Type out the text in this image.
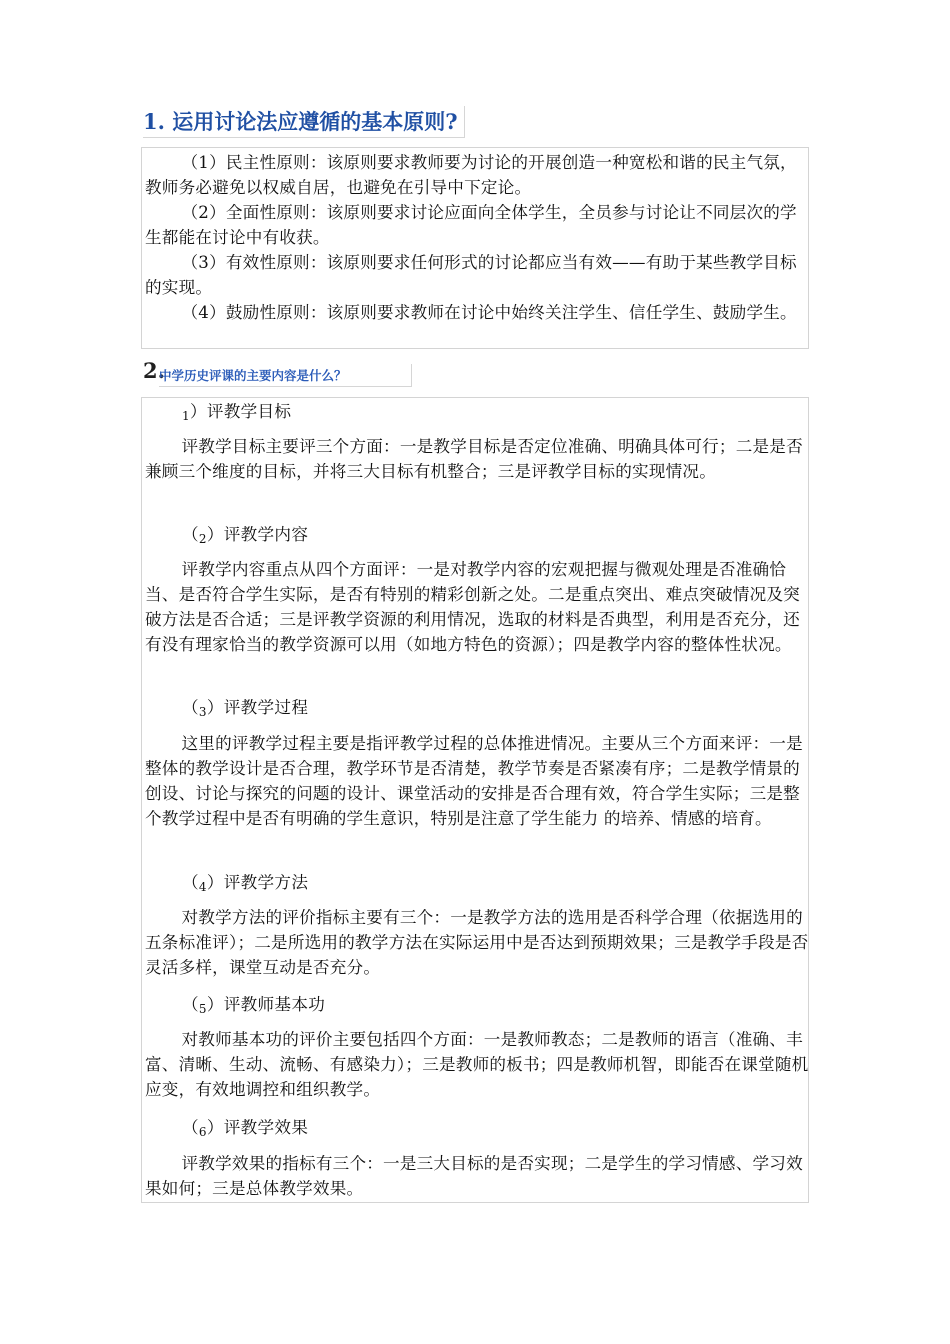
1. 运用讨论法应遵循的基本原则?

（1）民主性原则：该原则要求教师要为讨论的开展创造一种宽松和谐的民主气氛，教师务必避免以权威自居，也避免在引导中下定论。

（2）全面性原则：该原则要求讨论应面向全体学生，全员参与讨论让不同层次的学生都能在讨论中有收获。

（3）有效性原则：该原则要求任何形式的讨论都应当有效——有助于某些教学目标的实现。

（4）鼓励性原则：该原则要求教师在讨论中始终关注学生、信任学生、鼓励学生。

2.
中学历史评课的主要内容是什么？
1）评教学目标

评教学目标主要评三个方面：一是教学目标是否定位准确、明确具体可行；二是是否兼顾三个维度的目标，并将三大目标有机整合；三是评教学目标的实现情况。

（2）评教学内容

评教学内容重点从四个方面评：一是对教学内容的宏观把握与微观处理是否准确恰当、是否符合学生实际，是否有特别的精彩创新之处。二是重点突出、难点突破情况及突破方法是否合适；三是评教学资源的利用情况，选取的材料是否典型，利用是否充分，还有没有理家恰当的教学资源可以用（如地方特色的资源）；四是教学内容的整体性状况。

（3）评教学过程

这里的评教学过程主要是指评教学过程的总体推进情况。主要从三个方面来评：一是整体的教学设计是否合理，教学环节是否清楚，教学节奏是否紧凑有序；二是教学情景的创设、讨论与探究的问题的设计、课堂活动的安排是否合理有效，符合学生实际；三是整个教学过程中是否有明确的学生意识，特别是注意了学生能力 的培养、情感的培育。

（4）评教学方法

对教学方法的评价指标主要有三个：一是教学方法的选用是否科学合理（依据选用的五条标准评）；二是所选用的教学方法在实际运用中是否达到预期效果；三是教学手段是否灵活多样，课堂互动是否充分。

（5）评教师基本功

对教师基本功的评价主要包括四个方面：一是教师教态；二是教师的语言（准确、丰富、清晰、生动、流畅、有感染力）；三是教师的板书；四是教师机智，即能否在课堂随机应变，有效地调控和组织教学。

（6）评教学效果

评教学效果的指标有三个：一是三大目标的是否实现；二是学生的学习情感、学习效果如何；三是总体教学效果。
